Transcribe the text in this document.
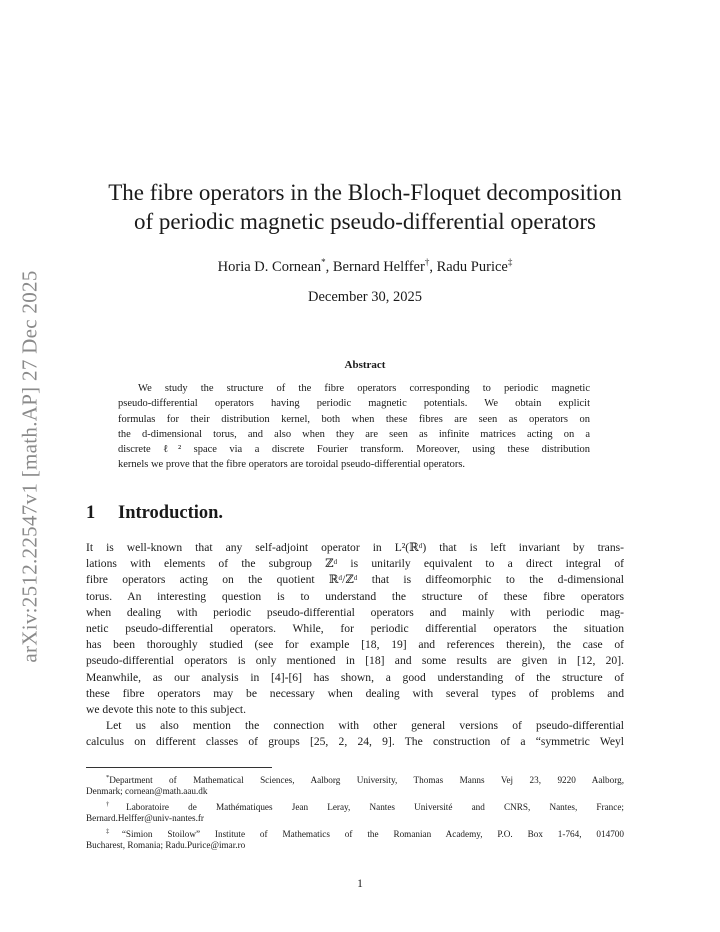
arXiv:2512.22547v1 [math.AP] 27 Dec 2025
The fibre operators in the Bloch-Floquet decomposition
of periodic magnetic pseudo-differential operators
Horia D. Cornean*, Bernard Helffer†, Radu Purice‡
December 30, 2025
Abstract
We study the structure of the fibre operators corresponding to periodic magnetic
pseudo-differential operators having periodic magnetic potentials. We obtain explicit
formulas for their distribution kernel, both when these fibres are seen as operators on
the d-dimensional torus, and also when they are seen as infinite matrices acting on a
discrete ℓ² space via a discrete Fourier transform. Moreover, using these distribution
kernels we prove that the fibre operators are toroidal pseudo-differential operators.
1 Introduction.
It is well-known that any self-adjoint operator in L²(ℝᵈ) that is left invariant by trans-
lations with elements of the subgroup ℤᵈ is unitarily equivalent to a direct integral of
fibre operators acting on the quotient ℝᵈ/ℤᵈ that is diffeomorphic to the d-dimensional
torus. An interesting question is to understand the structure of these fibre operators
when dealing with periodic pseudo-differential operators and mainly with periodic mag-
netic pseudo-differential operators. While, for periodic differential operators the situation
has been thoroughly studied (see for example [18, 19] and references therein), the case of
pseudo-differential operators is only mentioned in [18] and some results are given in [12, 20].
Meanwhile, as our analysis in [4]-[6] has shown, a good understanding of the structure of
these fibre operators may be necessary when dealing with several types of problems and
we devote this note to this subject.
Let us also mention the connection with other general versions of pseudo-differential
calculus on different classes of groups [25, 2, 24, 9]. The construction of a “symmetric Weyl
*Department of Mathematical Sciences, Aalborg University, Thomas Manns Vej 23, 9220 Aalborg,
Denmark; cornean@math.aau.dk
†Laboratoire de Mathématiques Jean Leray, Nantes Université and CNRS, Nantes, France;
Bernard.Helffer@univ-nantes.fr
‡“Simion Stoilow” Institute of Mathematics of the Romanian Academy, P.O. Box 1-764, 014700
Bucharest, Romania; Radu.Purice@imar.ro
1
